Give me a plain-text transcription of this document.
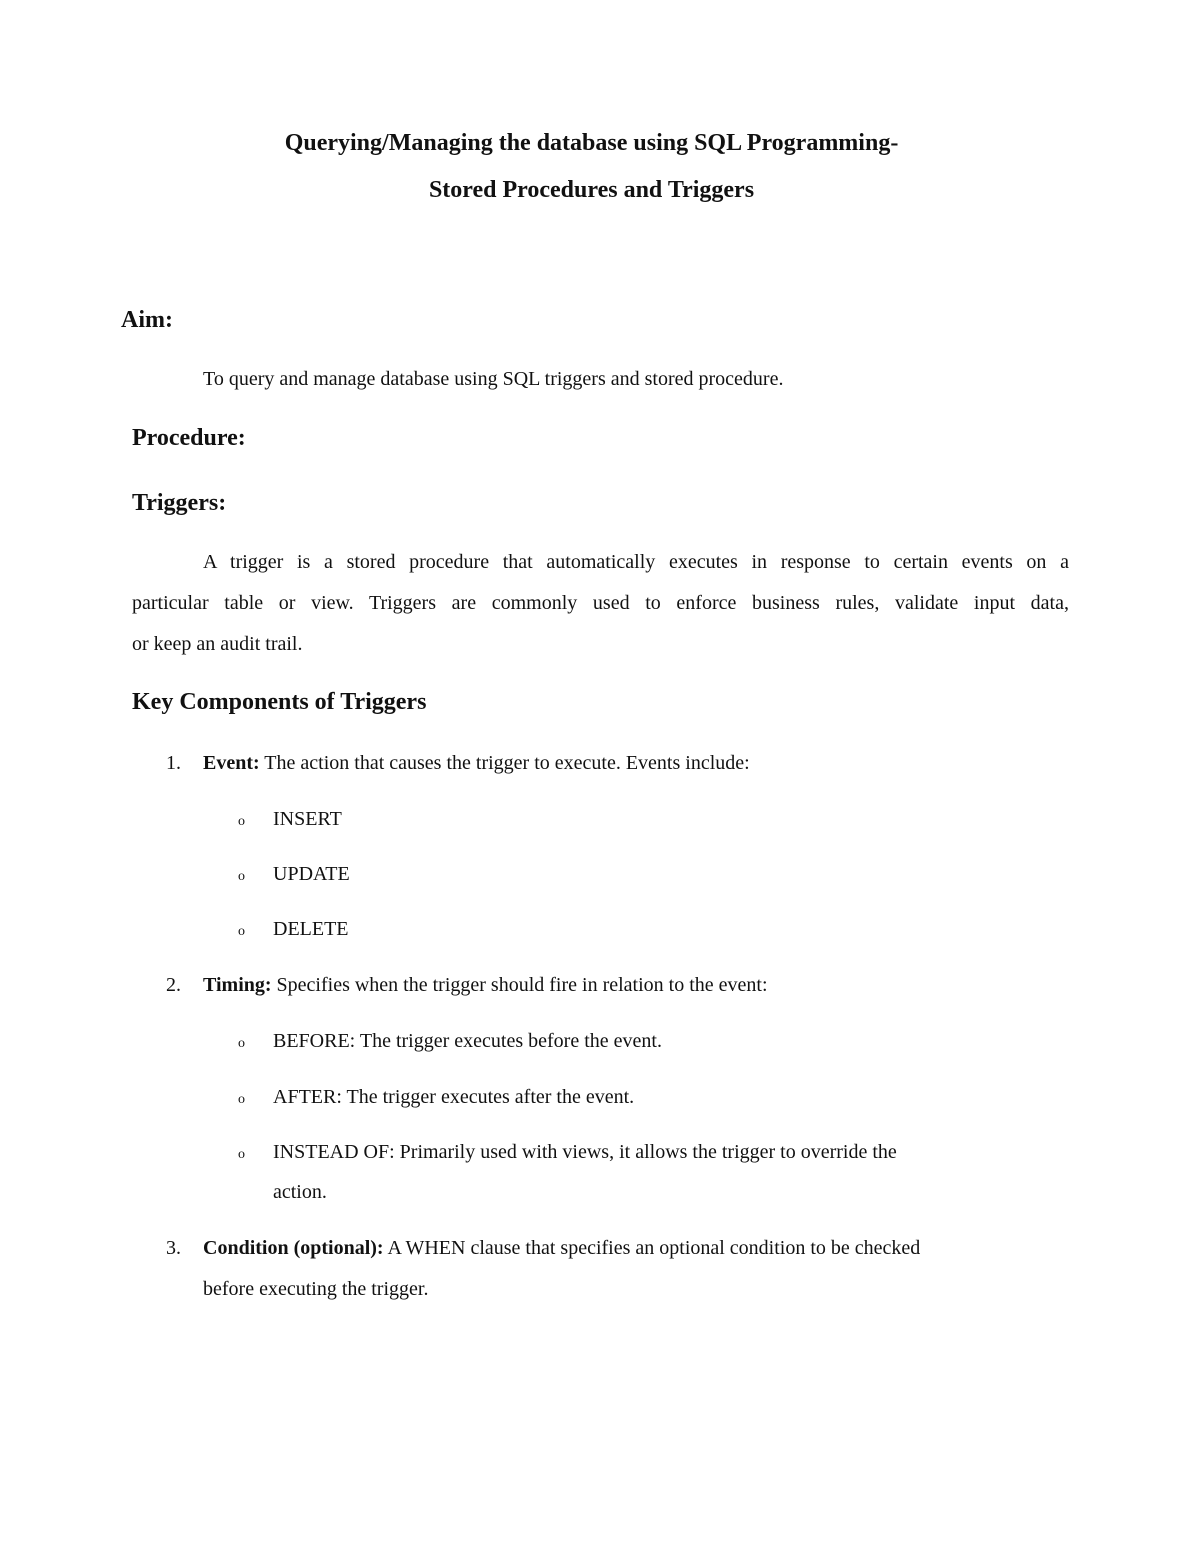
Querying/Managing the database using SQL Programming-
Stored Procedures and Triggers
Aim:
To query and manage database using SQL triggers and stored procedure.
Procedure:
Triggers:
A trigger is a stored procedure that automatically executes in response to certain events on a
particular table or view. Triggers are commonly used to enforce business rules, validate input data,
or keep an audit trail.
Key Components of Triggers
1. Event: The action that causes the trigger to execute. Events include:
o INSERT
o UPDATE
o DELETE
2. Timing: Specifies when the trigger should fire in relation to the event:
o BEFORE: The trigger executes before the event.
o AFTER: The trigger executes after the event.
o INSTEAD OF: Primarily used with views, it allows the trigger to override the
action.
3. Condition (optional): A WHEN clause that specifies an optional condition to be checked
before executing the trigger.
